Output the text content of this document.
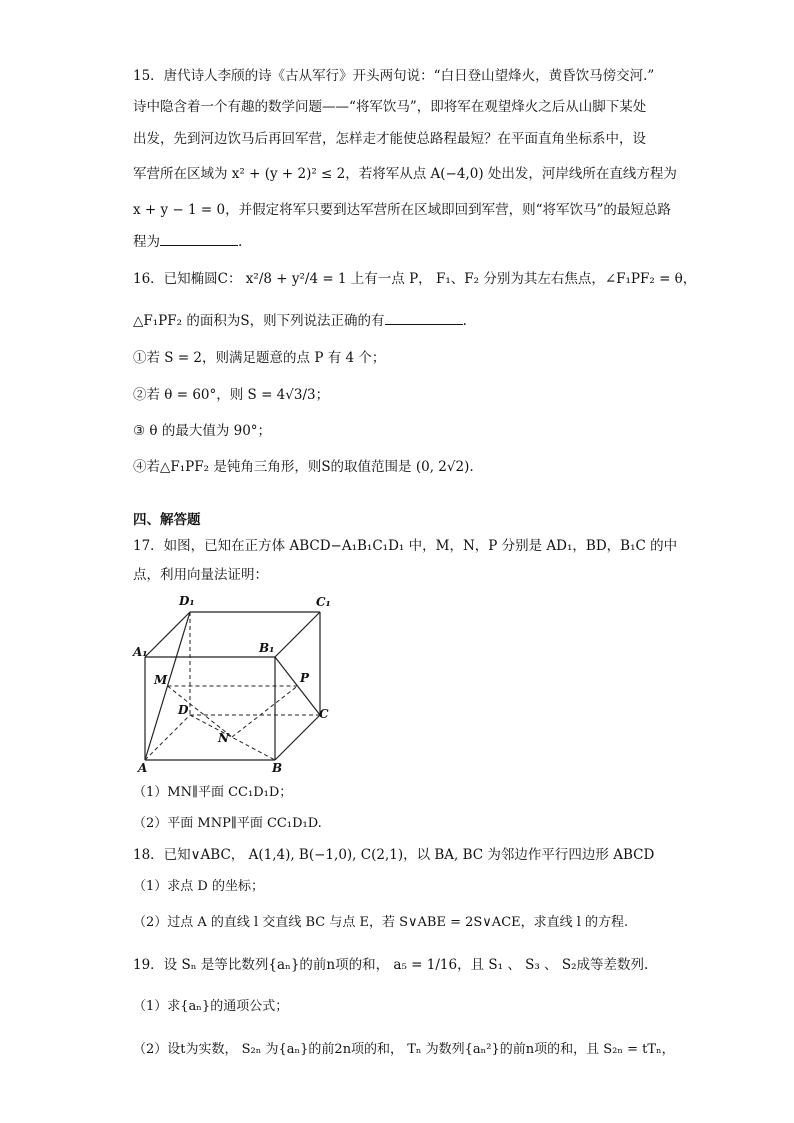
15．唐代诗人李颀的诗《古从军行》开头两句说：“白日登山望烽火，黄昏饮马傍交河.”
诗中隐含着一个有趣的数学问题——“将军饮马”，即将军在观望烽火之后从山脚下某处
出发，先到河边饮马后再回军营，怎样走才能使总路程最短？在平面直角坐标系中，设
军营所在区域为 x² + (y + 2)² ≤ 2，若将军从点 A(−4,0) 处出发，河岸线所在直线方程为
x + y − 1 = 0，并假定将军只要到达军营所在区域即回到军营，则“将军饮马”的最短总路
程为	.
16．已知椭圆C： x²/8 + y²/4 = 1 上有一点 P， F₁、F₂ 分别为其左右焦点，∠F₁PF₂ = θ，
△F₁PF₂ 的面积为S，则下列说法正确的有	.
①若 S = 2，则满足题意的点 P 有 4 个；
②若 θ = 60°，则 S = 4√3/3；
③ θ 的最大值为 90°；
④若△F₁PF₂ 是钝角三角形，则S的取值范围是 (0, 2√2).
四、解答题
17．如图，已知在正方体 ABCD−A₁B₁C₁D₁ 中，M，N，P 分别是 AD₁，BD，B₁C 的中
点，利用向量法证明：
D₁	C₁
A₁	B₁
M	P
D	C
N
A	B
（1）MN∥平面 CC₁D₁D；
（2）平面 MNP∥平面 CC₁D₁D.
18．已知∨ABC， A(1,4), B(−1,0), C(2,1)，以 BA, BC 为邻边作平行四边形 ABCD
（1）求点 D 的坐标；
（2）过点 A 的直线 l 交直线 BC 与点 E，若 S∨ABE = 2S∨ACE，求直线 l 的方程.
19．设 Sₙ 是等比数列{aₙ}的前n项的和， a₅ = 1/16，且 S₁ 、 S₃ 、 S₂成等差数列.
（1）求{aₙ}的通项公式；
（2）设t为实数， S₂ₙ 为{aₙ}的前2n项的和， Tₙ 为数列{aₙ²}的前n项的和，且 S₂ₙ = tTₙ，
